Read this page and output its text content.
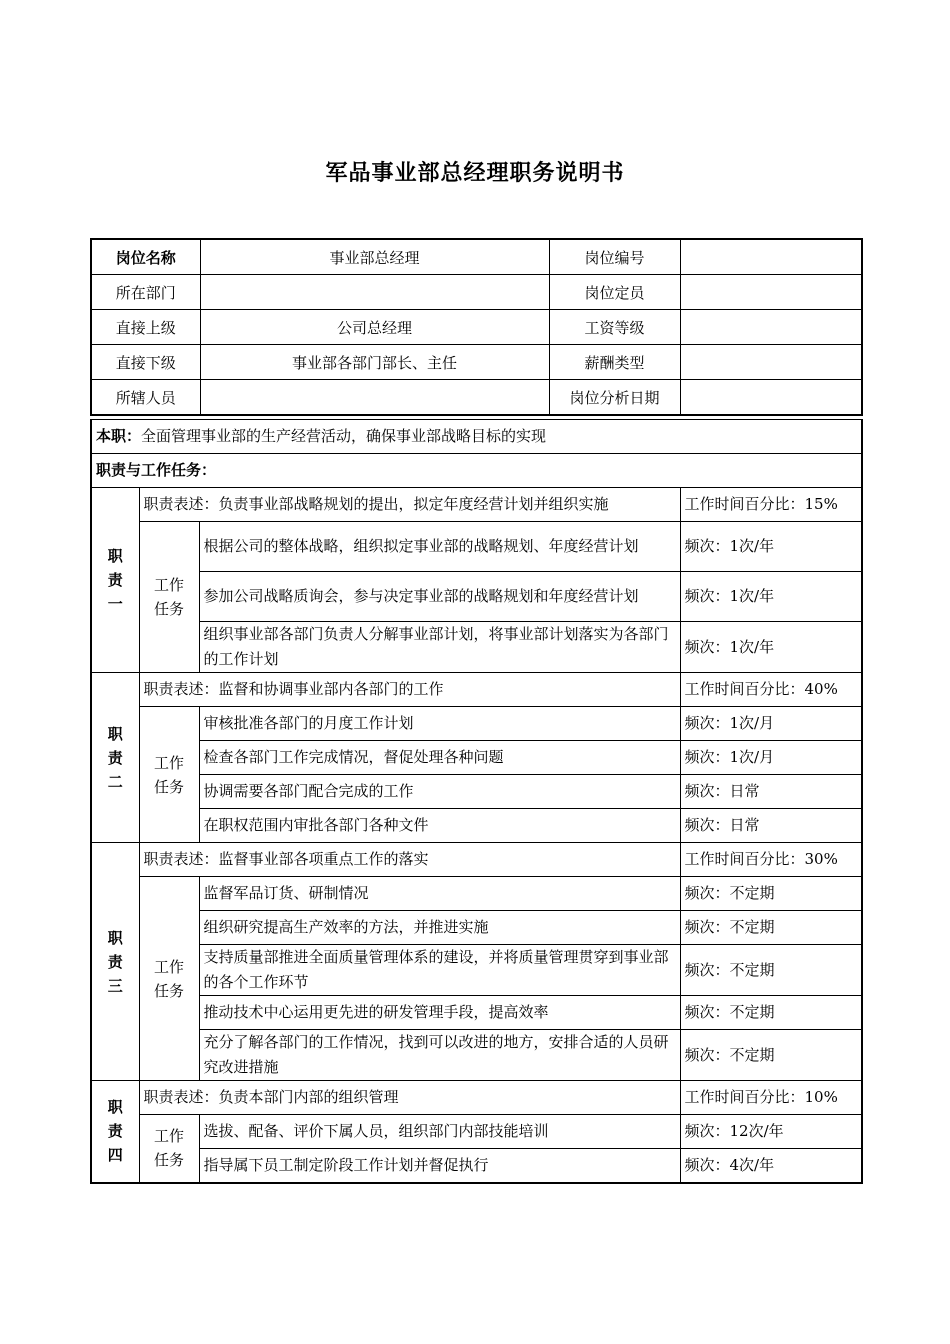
军品事业部总经理职务说明书
岗位名称	事业部总经理	岗位编号	
所在部门		岗位定员	
直接上级	公司总经理	工资等级	
直接下级	事业部各部门部长、主任	薪酬类型	
所辖人员		岗位分析日期	
本职：全面管理事业部的生产经营活动，确保事业部战略目标的实现			
职责与工作任务：			

职
责
一	职责表述：负责事业部战略规划的提出，拟定年度经营计划并组织实施		工作时间百分比：15%

	工作
任务	根据公司的整体战略，组织拟定事业部的战略规划、年度经营计划	频次：1次/年
		参加公司战略质询会，参与决定事业部的战略规划和年度经营计划	频次：1次/年
		组织事业部各部门负责人分解事业部计划，将事业部计划落实为各部门的工作计划	频次：1次/年

职
责
二	职责表述：监督和协调事业部内各部门的工作		工作时间百分比：40%

	工作
任务	审核批准各部门的月度工作计划	频次：1次/月
		检查各部门工作完成情况，督促处理各种问题	频次：1次/月
		协调需要各部门配合完成的工作	频次：日常
		在职权范围内审批各部门各种文件	频次：日常

职
责
三	职责表述：监督事业部各项重点工作的落实		工作时间百分比：30%

	工作
任务	监督军品订货、研制情况	频次：不定期
		组织研究提高生产效率的方法，并推进实施	频次：不定期
		支持质量部推进全面质量管理体系的建设，并将质量管理贯穿到事业部的各个工作环节	频次：不定期
		推动技术中心运用更先进的研发管理手段，提高效率	频次：不定期
		充分了解各部门的工作情况，找到可以改进的地方，安排合适的人员研究改进措施	频次：不定期

职
责
四	职责表述：负责本部门内部的组织管理		工作时间百分比：10%

	工作
任务	选拔、配备、评价下属人员，组织部门内部技能培训	频次：12次/年
		指导属下员工制定阶段工作计划并督促执行	频次：4次/年
